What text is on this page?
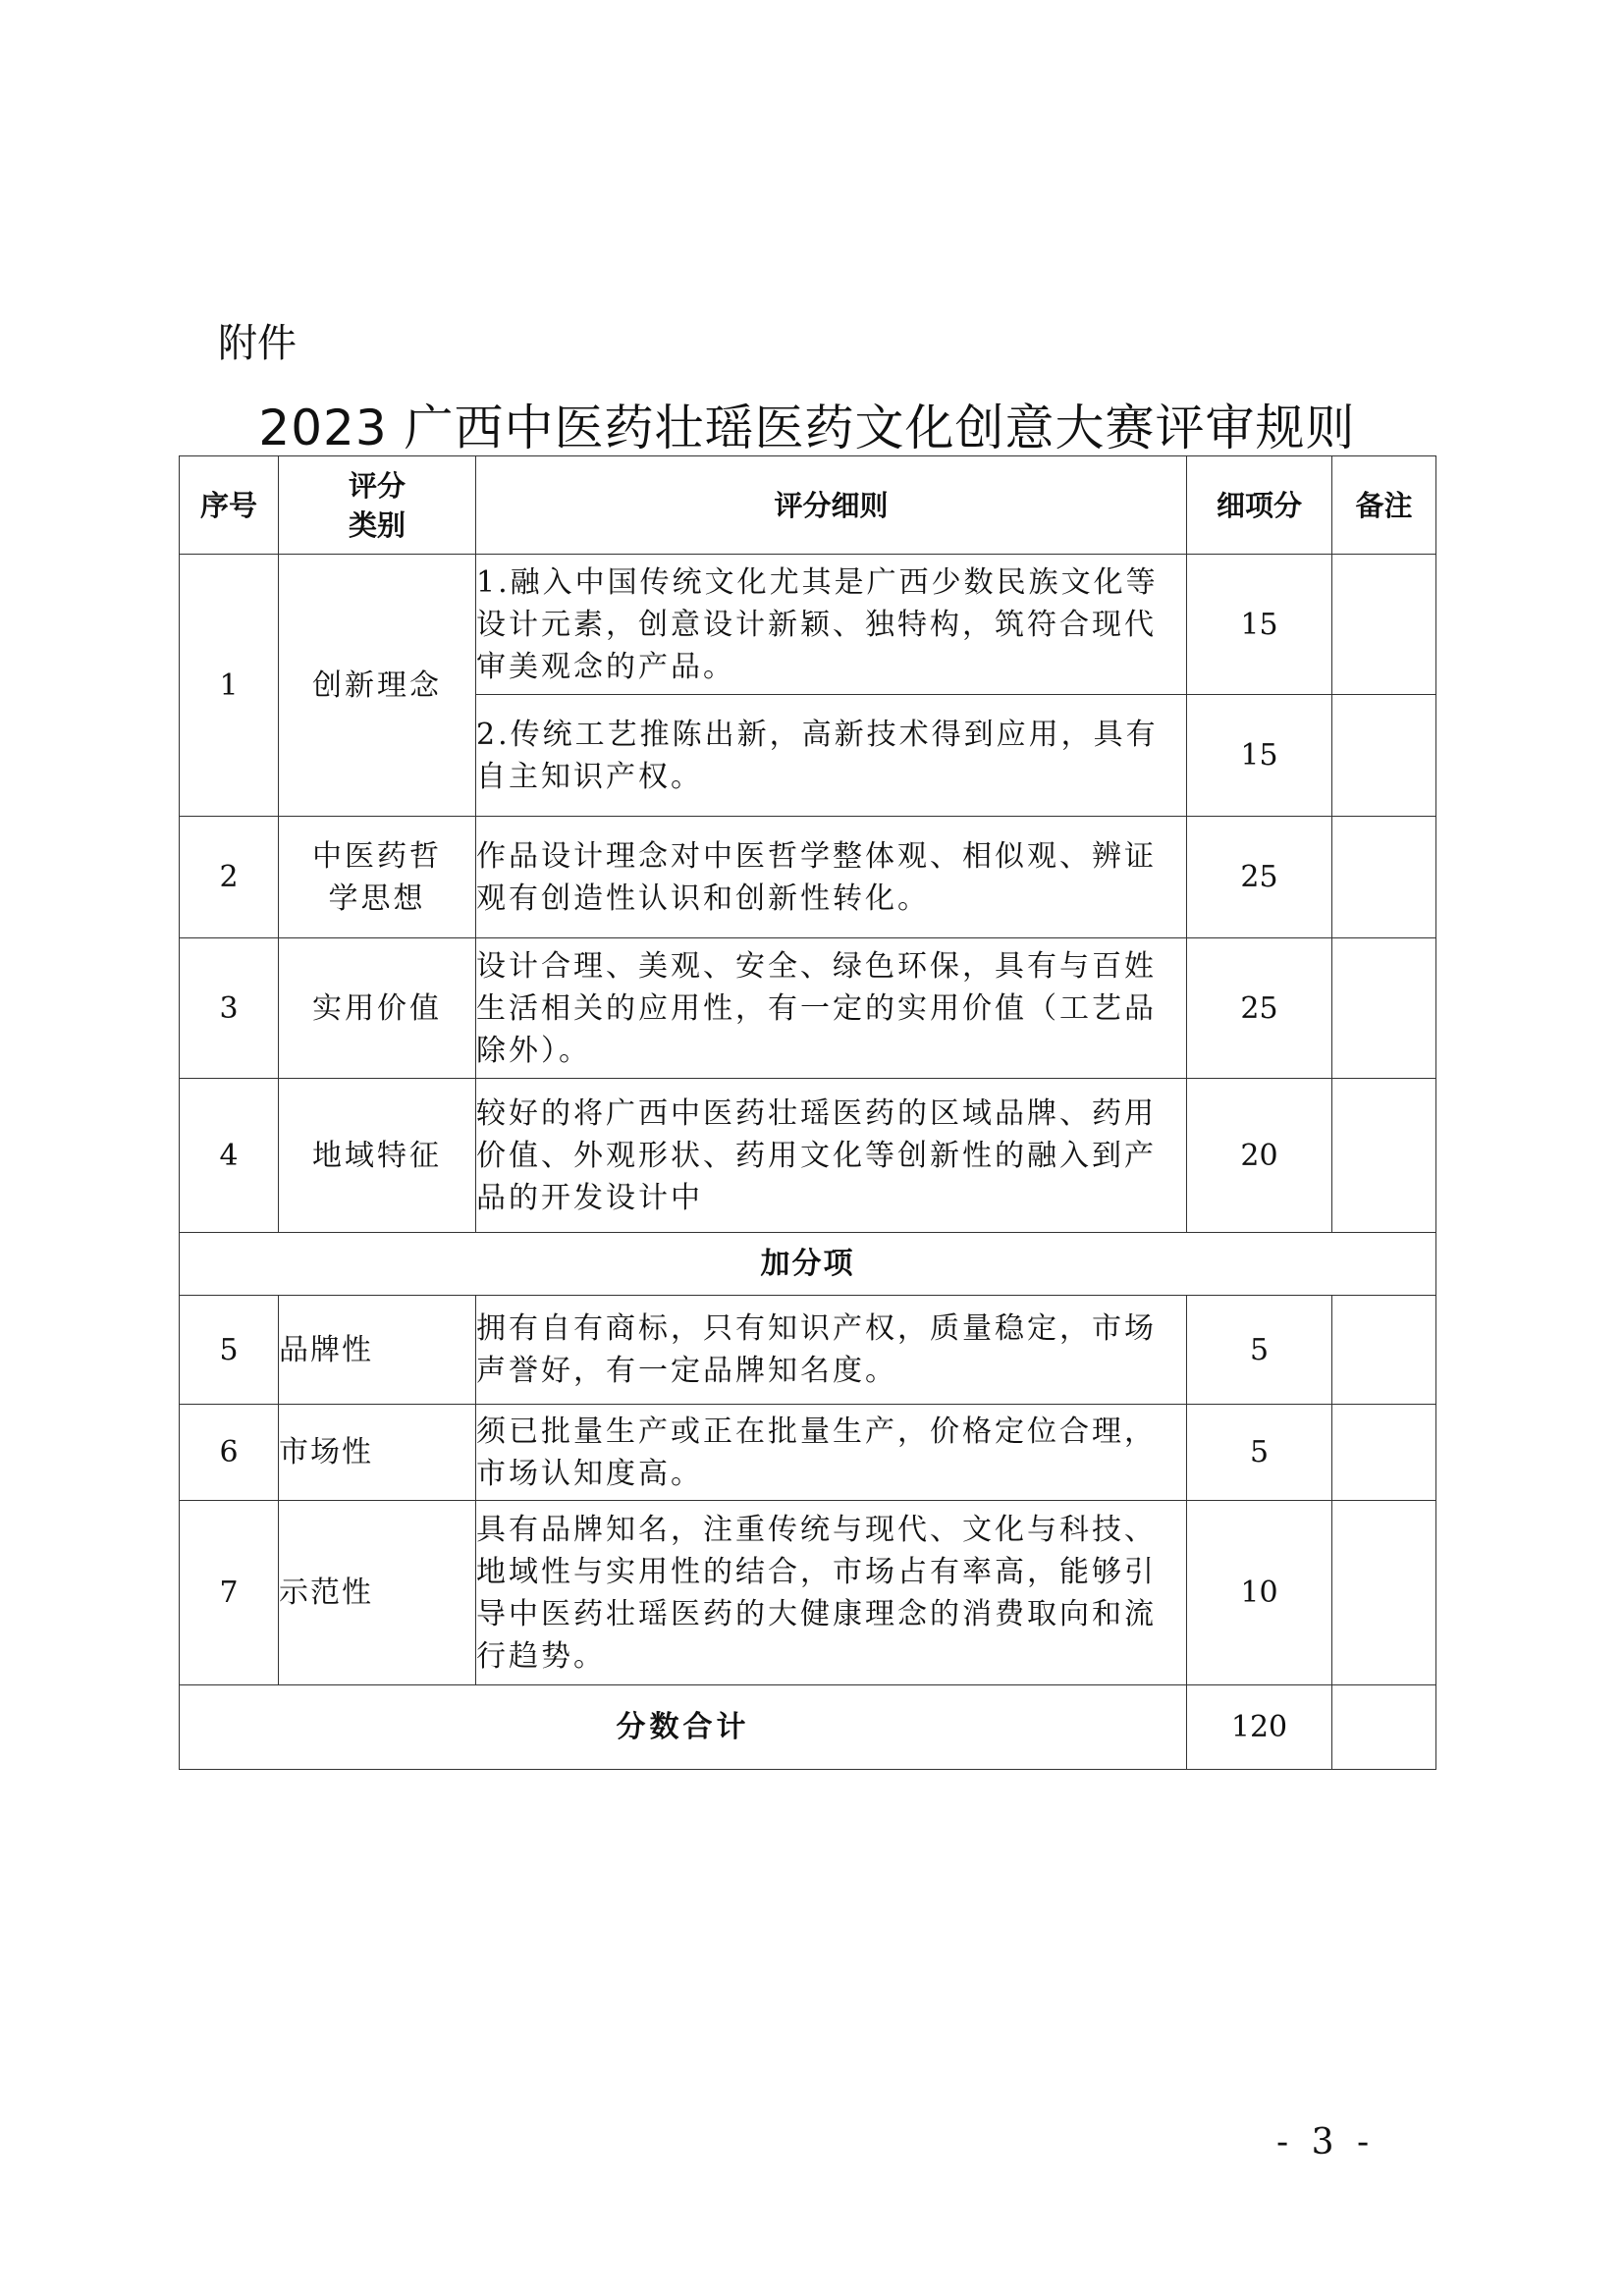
附件
2023 广西中医药壮瑶医药文化创意大赛评审规则
序号	评分类别	评分细则	细项分	备注
1	创新理念	1.融入中国传统文化尤其是广西少数民族文化等设计元素，创意设计新颖、独特构，筑符合现代审美观念的产品。	15	
		2.传统工艺推陈出新，高新技术得到应用，具有自主知识产权。	15	
2	中医药哲学思想	作品设计理念对中医哲学整体观、相似观、辨证观有创造性认识和创新性转化。	25	
3	实用价值	设计合理、美观、安全、绿色环保，具有与百姓生活相关的应用性，有一定的实用价值（工艺品除外）。	25	
4	地域特征	较好的将广西中医药壮瑶医药的区域品牌、药用价值、外观形状、药用文化等创新性的融入到产品的开发设计中	20	
加分项				
5	品牌性	拥有自有商标，只有知识产权，质量稳定，市场声誉好，有一定品牌知名度。	5	
6	市场性	须已批量生产或正在批量生产，价格定位合理，市场认知度高。	5	
7	示范性	具有品牌知名，注重传统与现代、文化与科技、地域性与实用性的结合，市场占有率高，能够引导中医药壮瑶医药的大健康理念的消费取向和流行趋势。	10	
分数合计			120	
- 3 -
